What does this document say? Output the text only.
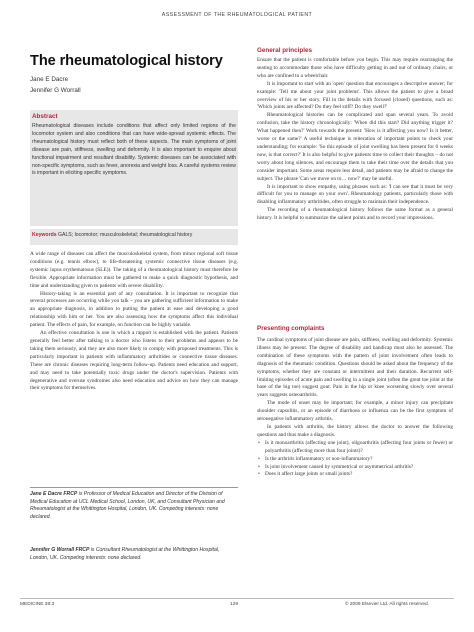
ASSESSMENT OF THE RHEUMATOLOGICAL PATIENT
The rheumatological history
Jane E Dacre
Jennifer G Worrall
Abstract
Rheumatological diseases include conditions that affect only limited regions of the locomotor system and also conditions that can have wide-spread systemic effects. The rheumatological history must reflect both of these aspects. The main symptoms of joint disease are pain, stiffness, swelling and deformity. It is also important to enquire about functional impairment and resultant disability. Systemic diseases can be associated with non-specific symptoms, such as fever, anorexia and weight loss. A careful systems review is important in eliciting specific symptoms.
Keywords GALS; locomotor; musculoskeletal; rheumatological history

A wide range of diseases can affect the musculoskeletal system, from minor regional soft tissue conditions (e.g. tennis elbow), to life-threatening systemic connective tissue diseases (e.g. systemic lupus erythematosus (SLE)). The taking of a rheumatological history must therefore be flexible. Appropriate information must be gathered to make a quick diagnostic hypothesis, and time and understanding given to patients with severe disability.

History-taking is an essential part of any consultation. It is important to recognize that several processes are occurring while you talk – you are gathering sufficient information to make an appropriate diagnosis, in addition to putting the patient at ease and developing a good relationship with him or her. You are also assessing how the symptoms affect this individual patient. The effects of pain, for example, on function can be highly variable.

An effective consultation is one in which a rapport is established with the patient. Patients generally feel better after talking to a doctor who listens to their problems and appears to be taking them seriously, and they are also more likely to comply with proposed treatments. This is particularly important in patients with inflammatory arthritides or connective tissue diseases. These are chronic diseases requiring long-term follow-up. Patients need education and support, and may need to take potentially toxic drugs under the doctor's supervision. Patients with degenerative and overuse syndromes also need education and advice on how they can manage their symptoms for themselves.

Jane E Dacre FRCP is Professor of Medical Education and Director of the Division of Medical Education at UCL Medical School, London, UK, and Consultant Physician and Rheumatologist at the Whittington Hospital, London, UK. Competing interests: none declared.
Jennifer G Worrall FRCP is Consultant Rheumatologist at the Whittington Hospital, London, UK. Competing interests: none declared.
General principles

Ensure that the patient is comfortable before you begin. This may require rearranging the seating to accommodate those who have difficulty getting in and out of ordinary chairs, or who are confined to a wheelchair.

It is important to start with an 'open' question that encourages a descriptive answer; for example: 'Tell me about your joint problems'. This allows the patient to give a broad overview of his or her story. Fill in the details with focused (closed) questions, such as: 'Which joints are affected? Do they feel stiff? Do they swell?'

Rheumatological histories can be complicated and span several years. To avoid confusion, take the history chronologically: 'When did this start? Did anything trigger it? What happened then?' Work towards the present: 'How is it affecting you now? Is it better, worse or the same?' A useful technique is reiteration of important points to check your understanding; for example: 'So this episode of joint swelling has been present for 6 weeks now, is that correct?' It is also helpful to give patients time to collect their thoughts – do not worry about long silences, and encourage them to take their time over the details that you consider important. Some areas require less detail, and patients may be afraid to change the subject. The phrase 'Can we move on to… now?' may be useful.

It is important to show empathy, using phrases such as: 'I can see that it must be very difficult for you to manage on your own'. Rheumatology patients, particularly those with disabling inflammatory arthritides, often struggle to maintain their independence.

The recording of a rheumatological history follows the same format as a general history. It is helpful to summarize the salient points and to record your impressions.

Presenting complaints

The cardinal symptoms of joint disease are pain, stiffness, swelling and deformity. Systemic illness may be present. The degree of disability and handicap must also be assessed. The combination of these symptoms with the pattern of joint involvement often leads to diagnosis of the rheumatic condition. Questions should be asked about the frequency of the symptoms, whether they are constant or intermittent and their duration. Recurrent self-limiting episodes of acute pain and swelling in a single joint (often the great toe joint at the base of the big toe) suggest gout. Pain in the hip or knee worsening slowly over several years suggests osteoarthritis.

The mode of onset may be important; for example, a minor injury can precipitate shoulder capsulitis, or an episode of diarrhoea or influenza can be the first symptom of seronegative inflammatory arthritis.

In patients with arthritis, the history allows the doctor to answer the following questions and thus make a diagnosis.

• Is it monoarthritis (affecting one joint), oligoarthritis (affecting four joints or fewer) or polyarthritis (affecting more than four joints)?
• Is the arthritis inflammatory or non-inflammatory?
• Is joint involvement caused by symmetrical or asymmetrical arthritis?
• Does it affect large joints or small joints?
MEDICINE 38:3	129	© 2009 Elsevier Ltd. All rights reserved.
